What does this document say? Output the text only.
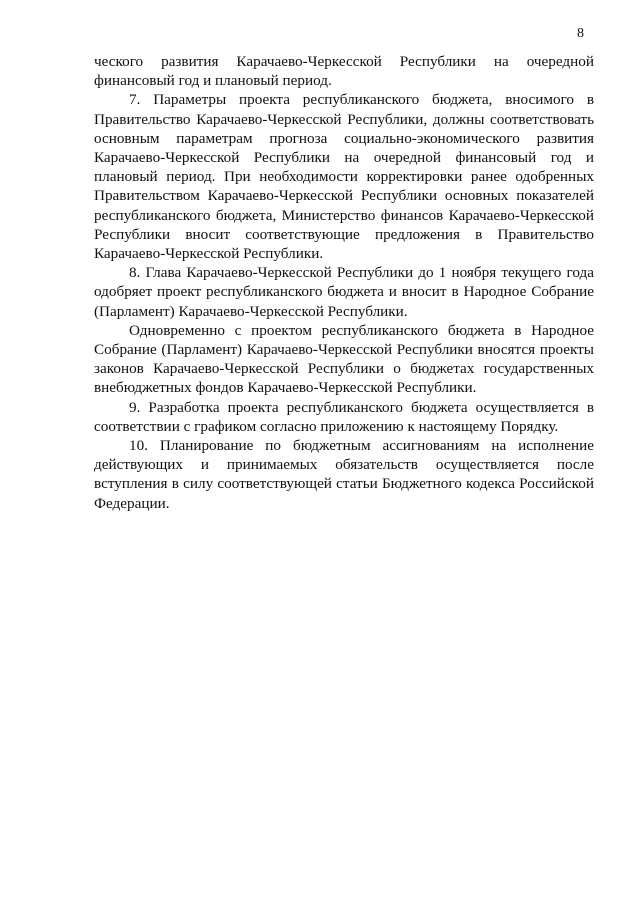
8

ческого развития Карачаево-Черкесской Республики на очередной финансовый год и плановый период.

7. Параметры проекта республиканского бюджета, вносимого в Правительство Карачаево-Черкесской Республики, должны соответствовать основным параметрам прогноза социально-экономического развития Карачаево-Черкесской Республики на очередной финансовый год и плановый период. При необходимости корректировки ранее одобренных Правительством Карачаево-Черкесской Республики основных показателей республиканского бюджета, Министерство финансов Карачаево-Черкесской Республики вносит соответствующие предложения в Правительство Карачаево-Черкесской Республики.

8. Глава Карачаево-Черкесской Республики до 1 ноября текущего года одобряет проект республиканского бюджета и вносит в Народное Собрание (Парламент) Карачаево-Черкесской Республики.

Одновременно с проектом республиканского бюджета в Народное Собрание (Парламент) Карачаево-Черкесской Республики вносятся проекты законов Карачаево-Черкесской Республики о бюджетах государственных внебюджетных фондов Карачаево-Черкесской Республики.

9. Разработка проекта республиканского бюджета осуществляется в соответствии с графиком согласно приложению к настоящему Порядку.

10. Планирование по бюджетным ассигнованиям на исполнение действующих и принимаемых обязательств осуществляется после вступления в силу соответствующей статьи Бюджетного кодекса Российской Федерации.
